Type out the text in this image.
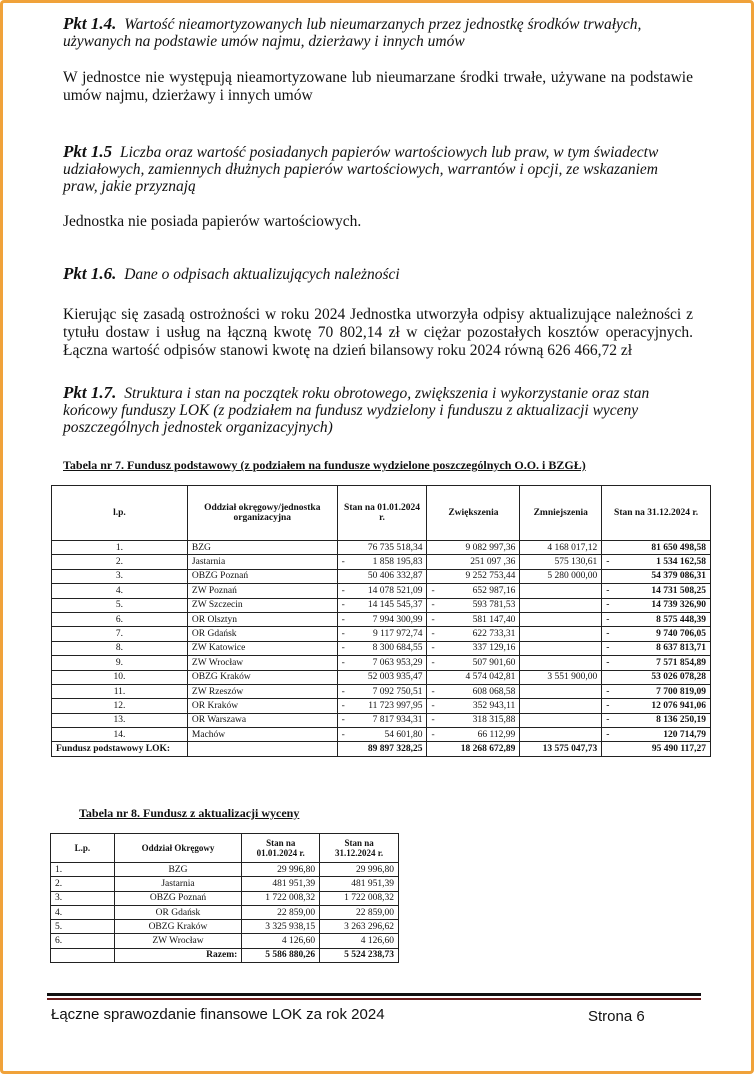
Pkt 1.4. Wartość nieamortyzowanych lub nieumarzanych przez jednostkę środków trwałych, używanych na podstawie umów najmu, dzierżawy i innych umów
W jednostce nie występują nieamortyzowane lub nieumarzane środki trwałe, używane na podstawie umów najmu, dzierżawy i innych umów
Pkt 1.5 Liczba oraz wartość posiadanych papierów wartościowych lub praw, w tym świadectw udziałowych, zamiennych dłużnych papierów wartościowych, warrantów i opcji, ze wskazaniem praw, jakie przyznają
Jednostka nie posiada papierów wartościowych.
Pkt 1.6. Dane o odpisach aktualizujących należności
Kierując się zasadą ostrożności w roku 2024 Jednostka utworzyła odpisy aktualizujące należności z tytułu dostaw i usług na łączną kwotę 70 802,14 zł w ciężar pozostałych kosztów operacyjnych. Łączna wartość odpisów stanowi kwotę na dzień bilansowy roku 2024 równą 626 466,72 zł
Pkt 1.7. Struktura i stan na początek roku obrotowego, zwiększenia i wykorzystanie oraz stan końcowy funduszy LOK (z podziałem na fundusz wydzielony i funduszu z aktualizacji wyceny poszczególnych jednostek organizacyjnych)
Tabela nr 7. Fundusz podstawowy (z podziałem na fundusze wydzielone poszczególnych O.O. i BZGŁ)
l.p.	Oddział okręgowy/jednostka organizacyjna	Stan na 01.01.2024 r.	Zwiększenia	Zmniejszenia	Stan na 31.12.2024 r.
1.	BZG	76 735 518,34	9 082 997,36	4 168 017,12	81 650 498,58
2.	Jastarnia	- 1 858 195,83	251 097 ,36	575 130,61	- 1 534 162,58
3.	OBZG Poznań	50 406 332,87	9 252 753,44	5 280 000,00	54 379 086,31
4.	ZW Poznań	- 14 078 521,09	- 652 987,16		- 14 731 508,25
5.	ZW Szczecin	- 14 145 545,37	- 593 781,53		- 14 739 326,90
6.	OR Olsztyn	- 7 994 300,99	- 581 147,40		- 8 575 448,39
7.	OR Gdańsk	- 9 117 972,74	- 622 733,31		- 9 740 706,05
8.	ZW Katowice	- 8 300 684,55	- 337 129,16		- 8 637 813,71
9.	ZW Wrocław	- 7 063 953,29	- 507 901,60		- 7 571 854,89
10.	OBZG Kraków	52 003 935,47	4 574 042,81	3 551 900,00	53 026 078,28
11.	ZW Rzeszów	- 7 092 750,51	- 608 068,58		- 7 700 819,09
12.	OR Kraków	- 11 723 997,95	- 352 943,11		- 12 076 941,06
13.	OR Warszawa	- 7 817 934,31	- 318 315,88		- 8 136 250,19
14.	Machów	- 54 601,80	- 66 112,99		- 120 714,79
Fundusz podstawowy LOK:		89 897 328,25	18 268 672,89	13 575 047,73	95 490 117,27
Tabela nr 8. Fundusz z aktualizacji wyceny
L.p.	Oddział Okręgowy	Stan na 01.01.2024 r.	Stan na 31.12.2024 r.
1.	BZG	29 996,80	29 996,80
2.	Jastarnia	481 951,39	481 951,39
3.	OBZG Poznań	1 722 008,32	1 722 008,32
4.	OR Gdańsk	22 859,00	22 859,00
5.	OBZG Kraków	3 325 938,15	3 263 296,62
6.	ZW Wrocław	4 126,60	4 126,60
	Razem:	5 586 880,26	5 524 238,73
Łączne sprawozdanie finansowe LOK za rok 2024	Strona 6
